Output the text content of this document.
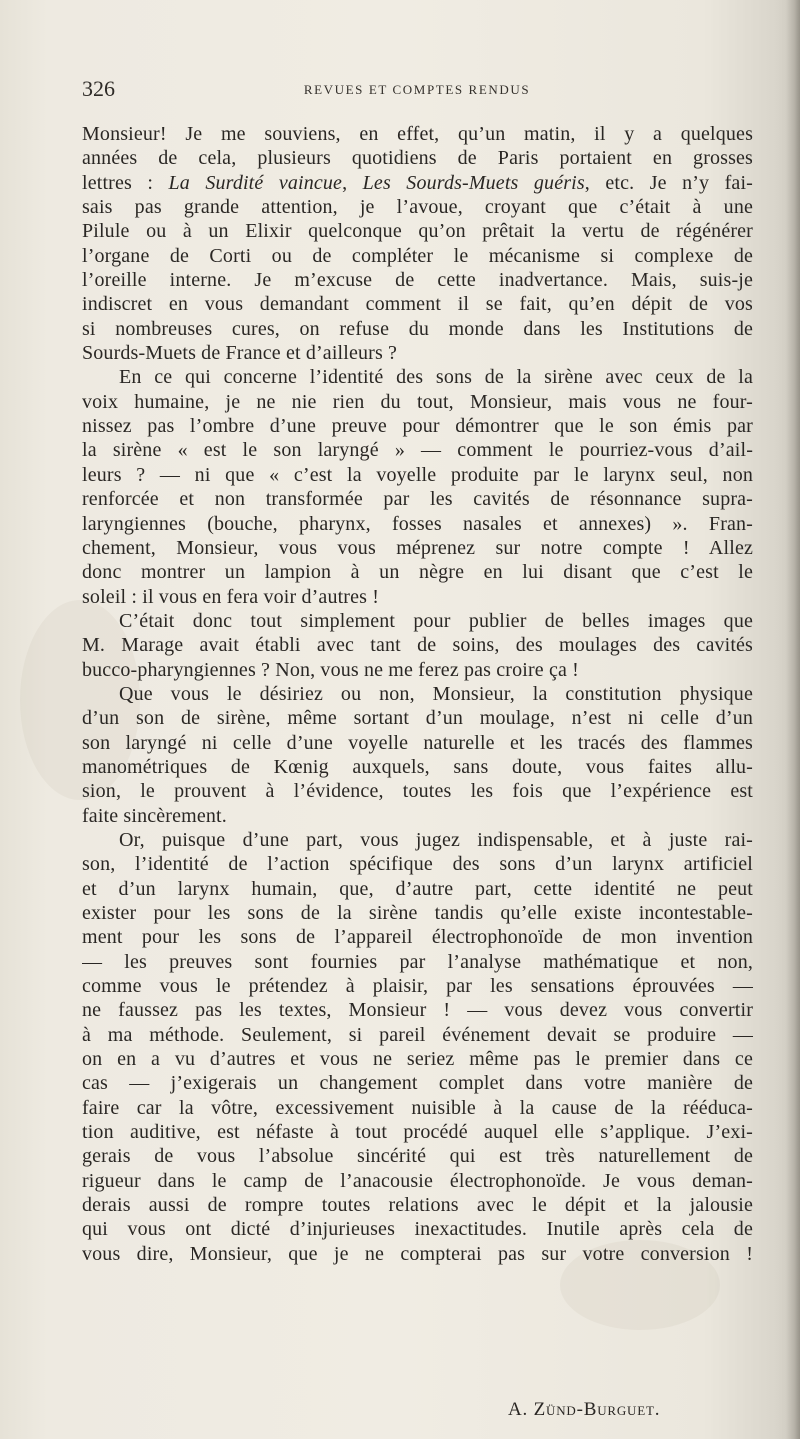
326	REVUES ET COMPTES RENDUS
Monsieur! Je me souviens, en effet, qu’un matin, il y a quelques
années de cela, plusieurs quotidiens de Paris portaient en grosses
lettres : La Surdité vaincue, Les Sourds-Muets guéris, etc. Je n’y fai-
sais pas grande attention, je l’avoue, croyant que c’était à une
Pilule ou à un Elixir quelconque qu’on prêtait la vertu de régénérer
l’organe de Corti ou de compléter le mécanisme si complexe de
l’oreille interne. Je m’excuse de cette inadvertance. Mais, suis-je
indiscret en vous demandant comment il se fait, qu’en dépit de vos
si nombreuses cures, on refuse du monde dans les Institutions de
Sourds-Muets de France et d’ailleurs ?
En ce qui concerne l’identité des sons de la sirène avec ceux de la
voix humaine, je ne nie rien du tout, Monsieur, mais vous ne four-
nissez pas l’ombre d’une preuve pour démontrer que le son émis par
la sirène « est le son laryngé » — comment le pourriez-vous d’ail-
leurs ? — ni que « c’est la voyelle produite par le larynx seul, non
renforcée et non transformée par les cavités de résonnance supra-
laryngiennes (bouche, pharynx, fosses nasales et annexes) ». Fran-
chement, Monsieur, vous vous méprenez sur notre compte ! Allez
donc montrer un lampion à un nègre en lui disant que c’est le
soleil : il vous en fera voir d’autres !
C’était donc tout simplement pour publier de belles images que
M. Marage avait établi avec tant de soins, des moulages des cavités
bucco-pharyngiennes ? Non, vous ne me ferez pas croire ça !
Que vous le désiriez ou non, Monsieur, la constitution physique
d’un son de sirène, même sortant d’un moulage, n’est ni celle d’un
son laryngé ni celle d’une voyelle naturelle et les tracés des flammes
manométriques de Kœnig auxquels, sans doute, vous faites allu-
sion, le prouvent à l’évidence, toutes les fois que l’expérience est
faite sincèrement.
Or, puisque d’une part, vous jugez indispensable, et à juste rai-
son, l’identité de l’action spécifique des sons d’un larynx artificiel
et d’un larynx humain, que, d’autre part, cette identité ne peut
exister pour les sons de la sirène tandis qu’elle existe incontestable-
ment pour les sons de l’appareil électrophonoïde de mon invention
— les preuves sont fournies par l’analyse mathématique et non,
comme vous le prétendez à plaisir, par les sensations éprouvées —
ne faussez pas les textes, Monsieur ! — vous devez vous convertir
à ma méthode. Seulement, si pareil événement devait se produire —
on en a vu d’autres et vous ne seriez même pas le premier dans ce
cas — j’exigerais un changement complet dans votre manière de
faire car la vôtre, excessivement nuisible à la cause de la rééduca-
tion auditive, est néfaste à tout procédé auquel elle s’applique. J’exi-
gerais de vous l’absolue sincérité qui est très naturellement de
rigueur dans le camp de l’anacousie électrophonoïde. Je vous deman-
derais aussi de rompre toutes relations avec le dépit et la jalousie
qui vous ont dicté d’injurieuses inexactitudes. Inutile après cela de
vous dire, Monsieur, que je ne compterai pas sur votre conversion !
A. Zünd-Burguet.
